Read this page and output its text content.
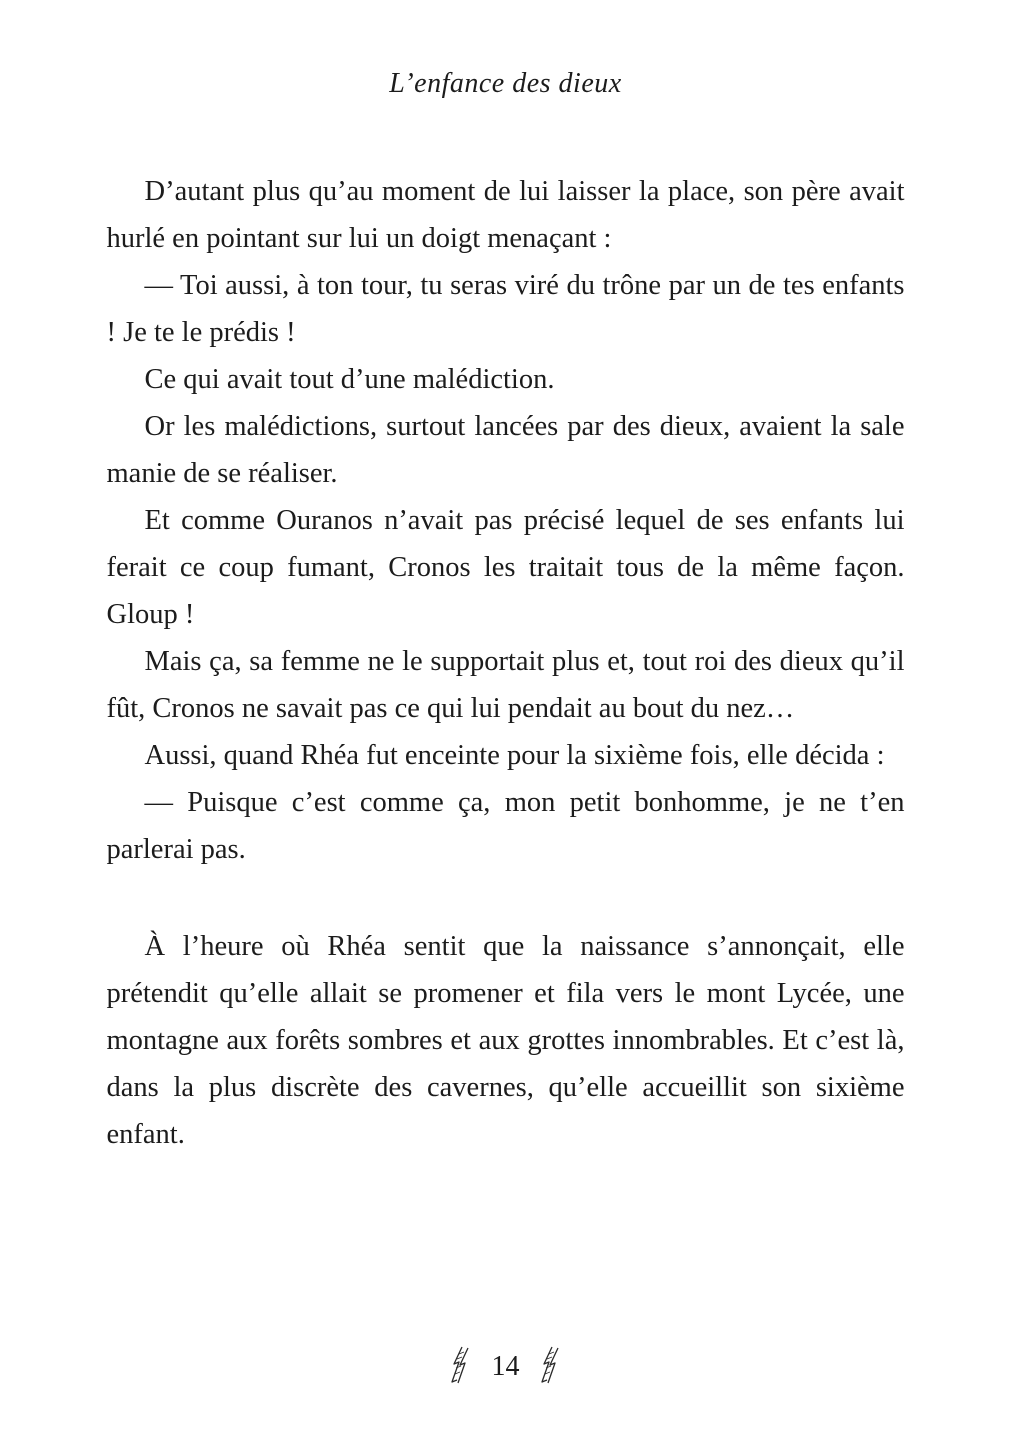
L’enfance des dieux

D’autant plus qu’au moment de lui laisser la place, son père avait hurlé en pointant sur lui un doigt menaçant :

— Toi aussi, à ton tour, tu seras viré du trône par un de tes enfants ! Je te le prédis !

Ce qui avait tout d’une malédiction.

Or les malédictions, surtout lancées par des dieux, avaient la sale manie de se réaliser.

Et comme Ouranos n’avait pas précisé lequel de ses enfants lui ferait ce coup fumant, Cronos les traitait tous de la même façon. Gloup !

Mais ça, sa femme ne le supportait plus et, tout roi des dieux qu’il fût, Cronos ne savait pas ce qui lui pendait au bout du nez…

Aussi, quand Rhéa fut enceinte pour la sixième fois, elle décida :

— Puisque c’est comme ça, mon petit bonhomme, je ne t’en parlerai pas.

À l’heure où Rhéa sentit que la naissance s’annonçait, elle prétendit qu’elle allait se promener et fila vers le mont Lycée, une montagne aux forêts sombres et aux grottes innombrables. Et c’est là, dans la plus discrète des cavernes, qu’elle accueillit son sixième enfant.

14
